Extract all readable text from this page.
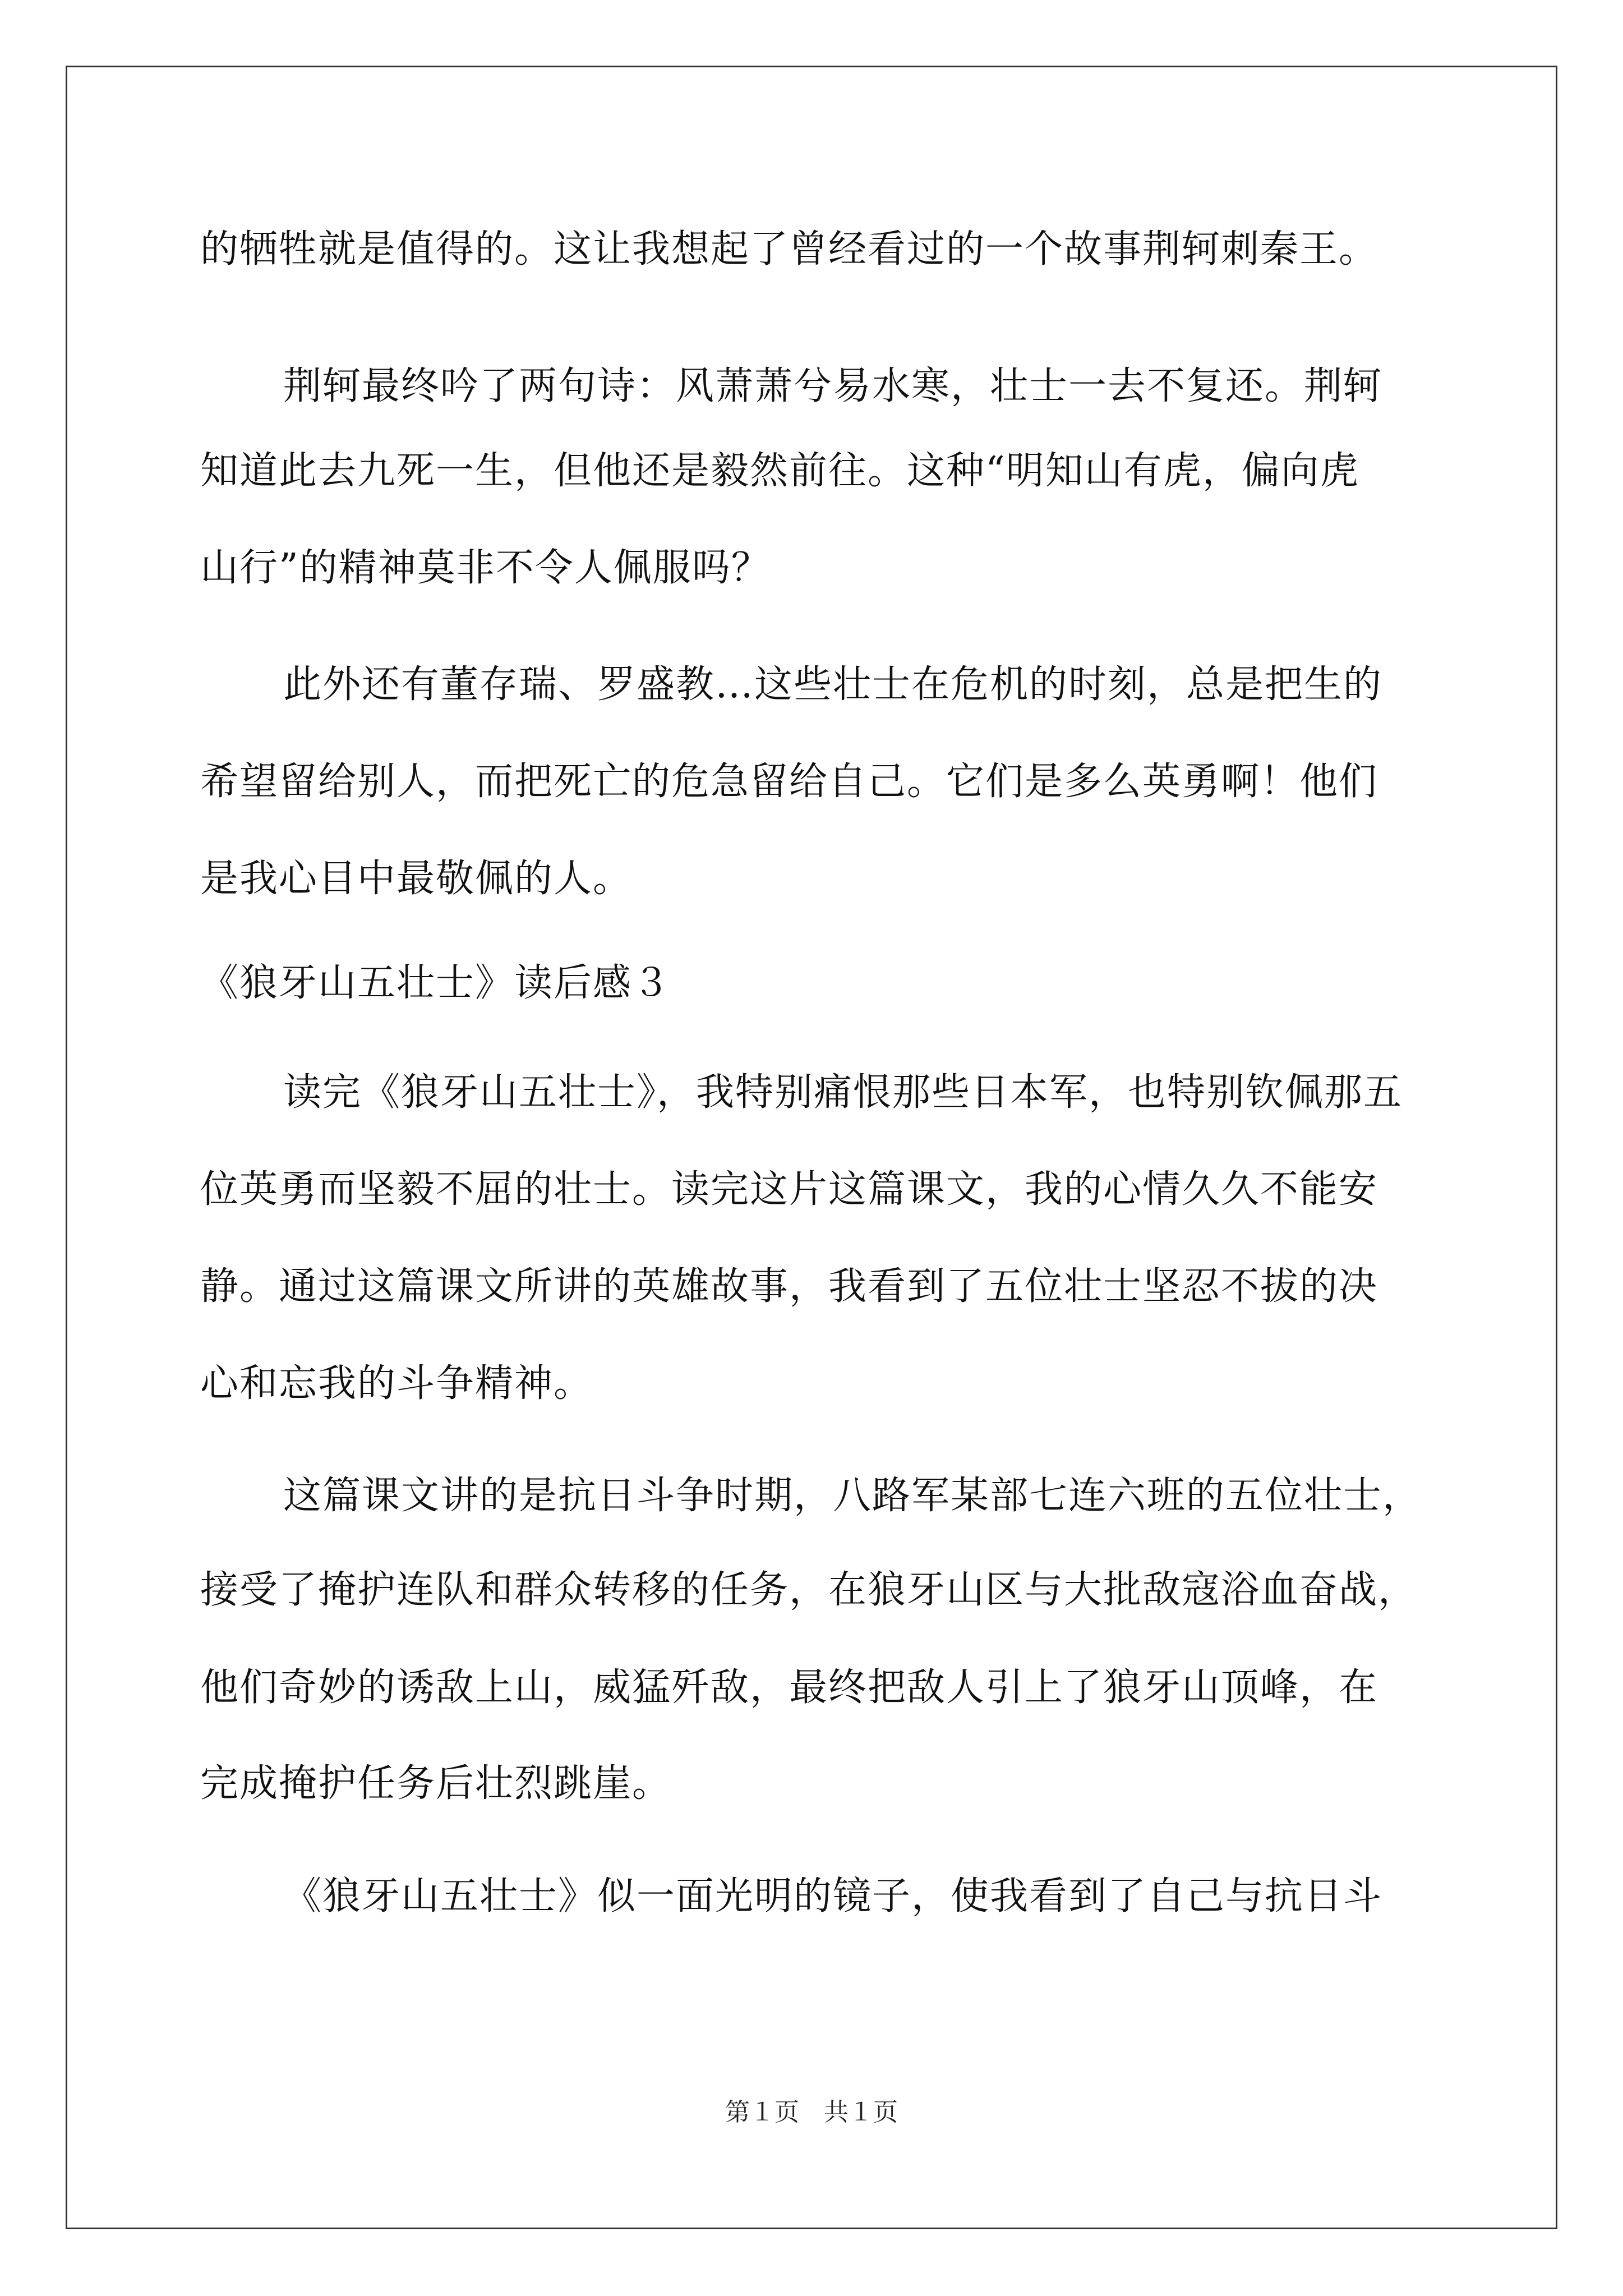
的牺牲就是值得的。这让我想起了曾经看过的一个故事荆轲刺秦王。
荆轲最终吟了两句诗：风萧萧兮易水寒，壮士一去不复还。荆轲
知道此去九死一生，但他还是毅然前往。这种“明知山有虎，偏向虎
山行”的精神莫非不令人佩服吗？
此外还有董存瑞、罗盛教…这些壮士在危机的时刻，总是把生的
希望留给别人，而把死亡的危急留给自己。它们是多么英勇啊！他们
是我心目中最敬佩的人。
《狼牙山五壮士》读后感３
读完《狼牙山五壮士》，我特别痛恨那些日本军，也特别钦佩那五
位英勇而坚毅不屈的壮士。读完这片这篇课文，我的心情久久不能安
静。通过这篇课文所讲的英雄故事，我看到了五位壮士坚忍不拔的决
心和忘我的斗争精神。
这篇课文讲的是抗日斗争时期，八路军某部七连六班的五位壮士，
接受了掩护连队和群众转移的任务，在狼牙山区与大批敌寇浴血奋战，
他们奇妙的诱敌上山，威猛歼敌，最终把敌人引上了狼牙山顶峰，在
完成掩护任务后壮烈跳崖。
《狼牙山五壮士》似一面光明的镜子，使我看到了自己与抗日斗
第１页　共１页
